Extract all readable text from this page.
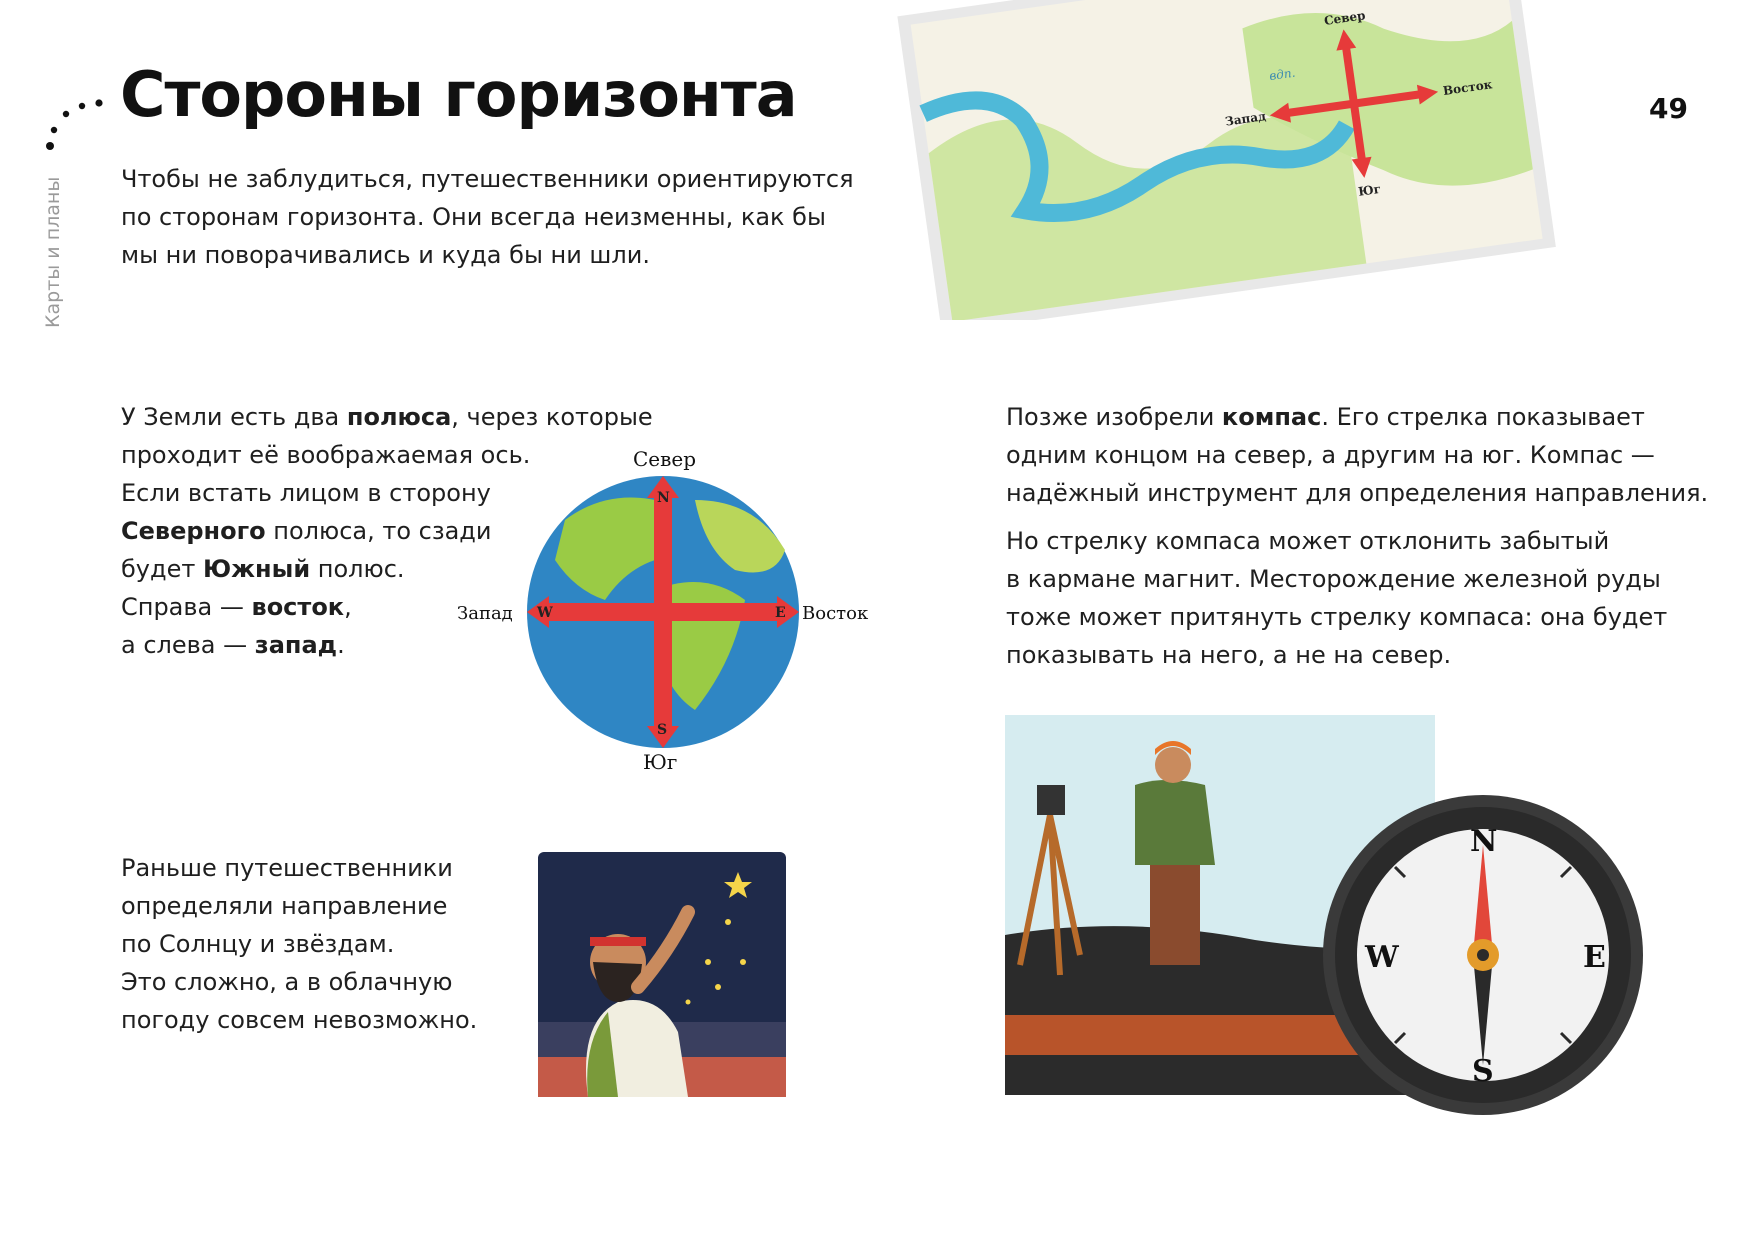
Стороны горизонта	49
Карты и планы Чтобы не заблудиться, путешественники ориентируются

по сторонам горизонта. Они всегда неизменны, как бы

мы ни поворачивались и куда бы ни шли.

вдп.
Север
Юг
Запад
Восток

У Земли есть два полюса, через которые

проходит её воображаемая ось.

Если встать лицом в сторону

Северного полюса, то сзади

будет Южный полюс.

Справа — восток,

а слева — запад.

N
S
W	E
Север
Юг
Запад	Восток

Позже изобрели компас. Его стрелка показывает

одним концом на север, а другим на юг. Компас —

надёжный инструмент для определения направления.

Но стрелку компаса может отклонить забытый

в кармане магнит. Месторождение железной руды

тоже может притянуть стрелку компаса: она будет

показывать на него, а не на север.

Раньше путешественники

определяли направление

по Солнцу и звёздам.

Это сложно, а в облачную

погоду совсем невозможно.

N
S
W	E
